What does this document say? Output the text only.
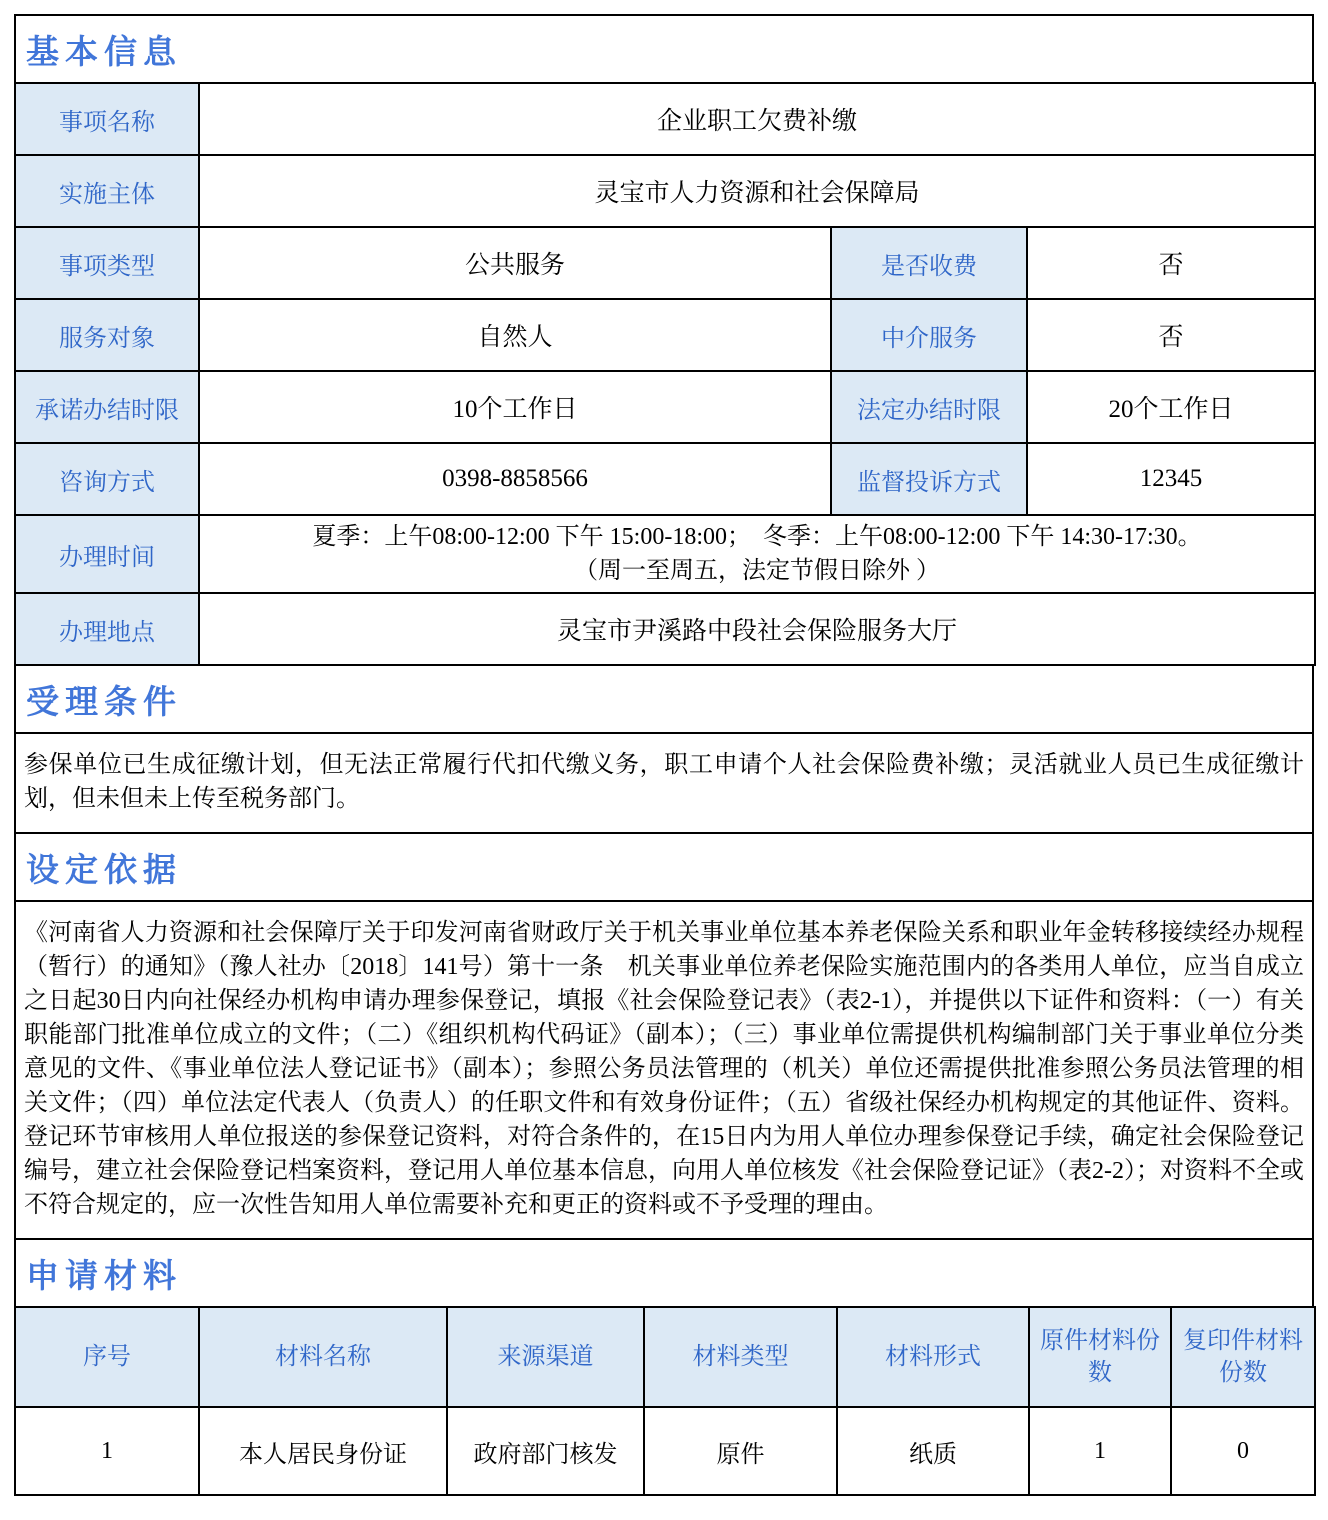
基本信息
事项名称	企业职工欠费补缴		
实施主体	灵宝市人力资源和社会保障局		
事项类型	公共服务	是否收费	否
服务对象	自然人	中介服务	否
承诺办结时限	10个工作日	法定办结时限	20个工作日
咨询方式	0398-8858566	监督投诉方式	12345
办理时间	夏季：上午08:00-12:00 下午 15:00-18:00；　冬季：上午08:00-12:00 下午 14:30-17:30。
（周一至周五，法定节假日除外 ）		

办理地点	灵宝市尹溪路中段社会保险服务大厅		
受理条件
参保单位已生成征缴计划，但无法正常履行代扣代缴义务，职工申请个人社会保险费补缴；灵活就业人员已生成征缴计划，但未但未上传至税务部门。
设定依据
《河南省人力资源和社会保障厅关于印发河南省财政厅关于机关事业单位基本养老保险关系和职业年金转移接续经办规程（暂行）的通知》（豫人社办〔2018〕141号）第十一条　机关事业单位养老保险实施范围内的各类用人单位，应当自成立之日起30日内向社保经办机构申请办理参保登记，填报《社会保险登记表》（表2-1），并提供以下证件和资料：（一）有关职能部门批准单位成立的文件；（二）《组织机构代码证》（副本）；（三）事业单位需提供机构编制部门关于事业单位分类意见的文件、《事业单位法人登记证书》（副本）；参照公务员法管理的（机关）单位还需提供批准参照公务员法管理的相关文件；（四）单位法定代表人（负责人）的任职文件和有效身份证件；（五）省级社保经办机构规定的其他证件、资料。登记环节审核用人单位报送的参保登记资料，对符合条件的，在15日内为用人单位办理参保登记手续，确定社会保险登记编号，建立社会保险登记档案资料，登记用人单位基本信息，向用人单位核发《社会保险登记证》（表2-2）；对资料不全或不符合规定的，应一次性告知用人单位需要补充和更正的资料或不予受理的理由。
申请材料
序号	材料名称	来源渠道	材料类型	材料形式	原件材料份数	复印件材料份数
1	本人居民身份证	政府部门核发	原件	纸质	1	0
